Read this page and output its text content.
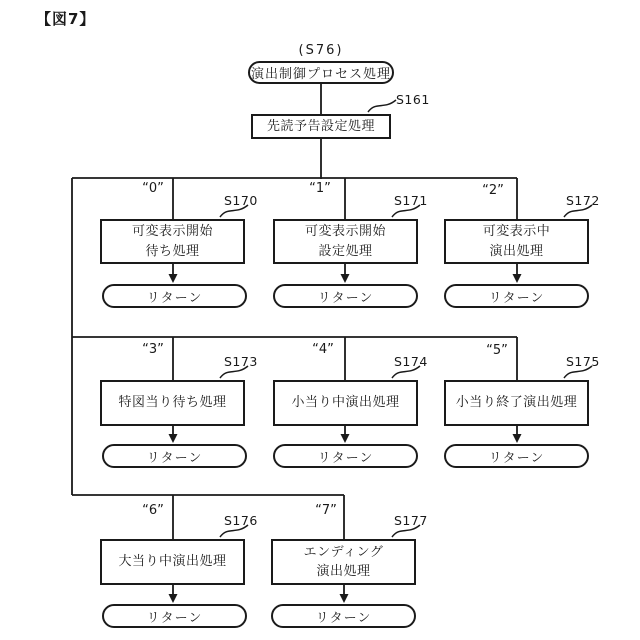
【図7】
(S76)
演出制御プロセス処理
S161
先読予告設定処理
“0”	“1”	“2”
“3”	“4”	“5”
“6”	“7”
S170	S171	S172
S173	S174	S175
S176	S177
可変表示開始
待ち処理
可変表示開始
設定処理
可変表示中
演出処理
リターン	リターン	リターン
特図当り待ち処理	小当り中演出処理	小当り終了演出処理
リターン	リターン	リターン
大当り中演出処理
エンディング
演出処理
リターン	リターン
